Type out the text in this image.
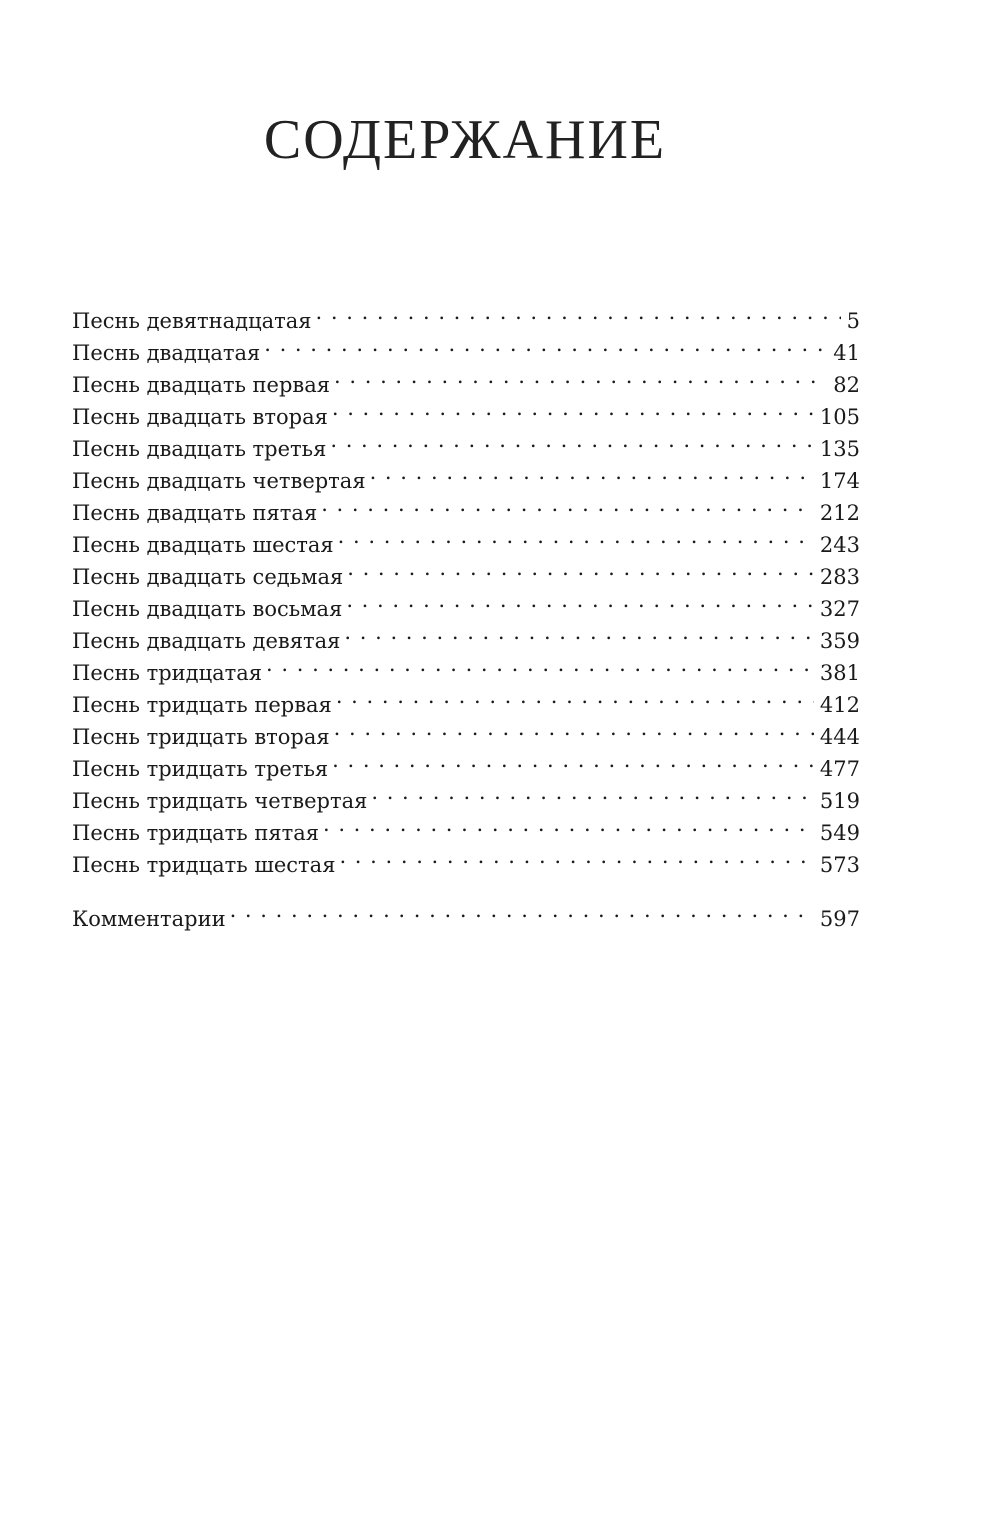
СОДЕРЖАНИЕ
Песнь девятнадцатая . . .	5
Песнь двадцатая . . .	41
Песнь двадцать первая . . .	82
Песнь двадцать вторая . . .	105
Песнь двадцать третья . . .	135
Песнь двадцать четвертая . . .	174
Песнь двадцать пятая . . .	212
Песнь двадцать шестая . . .	243
Песнь двадцать седьмая . . .	283
Песнь двадцать восьмая . . .	327
Песнь двадцать девятая . . .	359
Песнь тридцатая . . .	381
Песнь тридцать первая . . .	412
Песнь тридцать вторая . . .	444
Песнь тридцать третья . . .	477
Песнь тридцать четвертая . . .	519
Песнь тридцать пятая . . .	549
Песнь тридцать шестая . . .	573
Комментарии . . .	597
